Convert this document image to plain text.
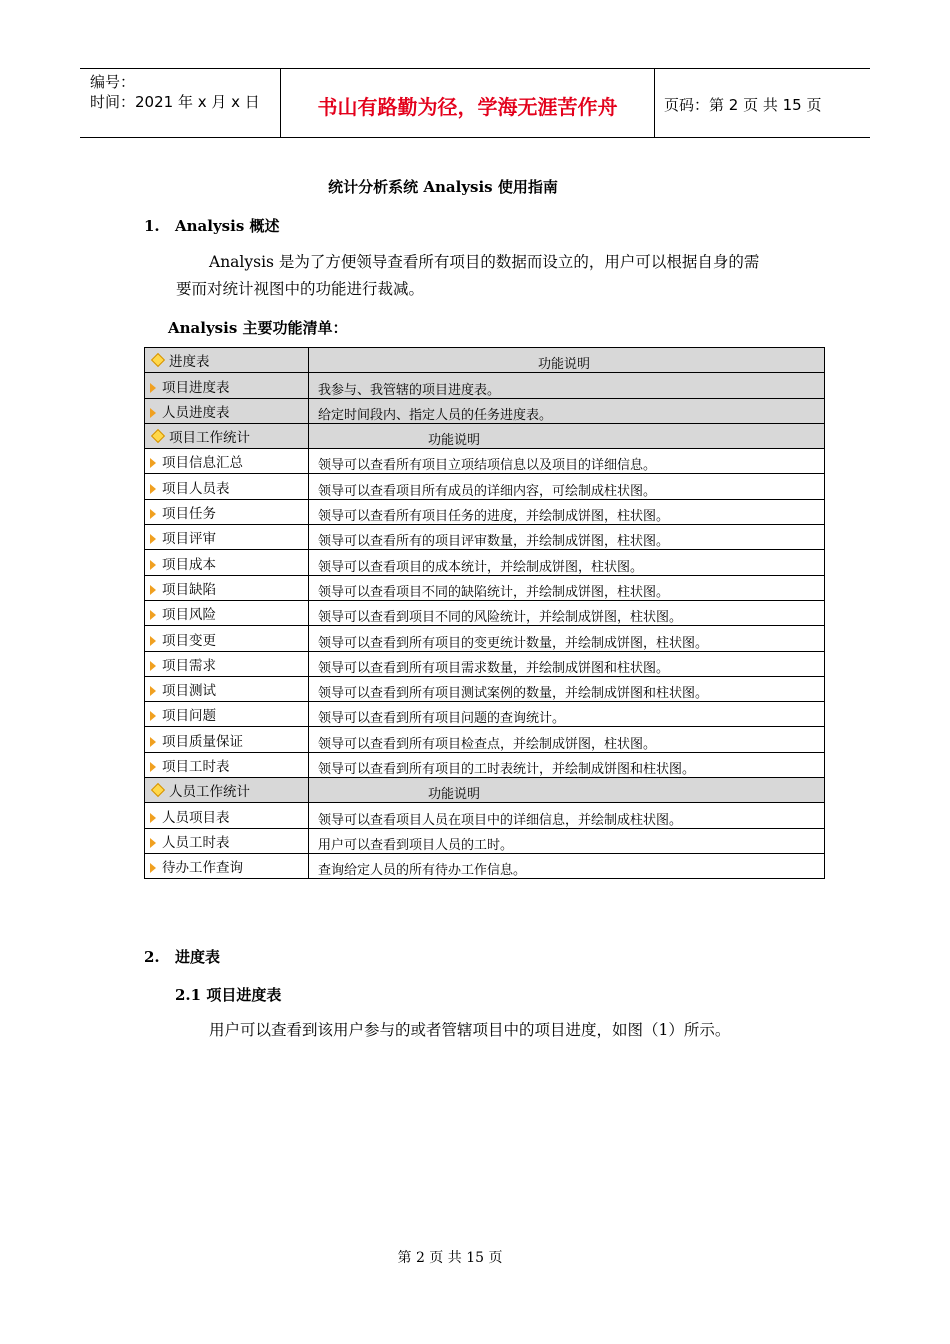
编号：
时间：2021 年 x 月 x 日	书山有路勤为径，学海无涯苦作舟	页码：第 2 页 共 15 页
统计分析系统 Analysis 使用指南
1. Analysis 概述
Analysis 是为了方便领导查看所有项目的数据而设立的，用户可以根据自身的需
要而对统计视图中的功能进行裁减。
Analysis 主要功能清单：
进度表	功能说明
项目进度表	我参与、我管辖的项目进度表。
人员进度表	给定时间段内、指定人员的任务进度表。
项目工作统计	功能说明
项目信息汇总	领导可以查看所有项目立项结项信息以及项目的详细信息。
项目人员表	领导可以查看项目所有成员的详细内容，可绘制成柱状图。
项目任务	领导可以查看所有项目任务的进度，并绘制成饼图，柱状图。
项目评审	领导可以查看所有的项目评审数量，并绘制成饼图，柱状图。
项目成本	领导可以查看项目的成本统计，并绘制成饼图，柱状图。
项目缺陷	领导可以查看项目不同的缺陷统计，并绘制成饼图，柱状图。
项目风险	领导可以查看到项目不同的风险统计，并绘制成饼图，柱状图。
项目变更	领导可以查看到所有项目的变更统计数量，并绘制成饼图，柱状图。
项目需求	领导可以查看到所有项目需求数量，并绘制成饼图和柱状图。
项目测试	领导可以查看到所有项目测试案例的数量，并绘制成饼图和柱状图。
项目问题	领导可以查看到所有项目问题的查询统计。
项目质量保证	领导可以查看到所有项目检查点，并绘制成饼图，柱状图。
项目工时表	领导可以查看到所有项目的工时表统计，并绘制成饼图和柱状图。
人员工作统计	功能说明
人员项目表	领导可以查看项目人员在项目中的详细信息，并绘制成柱状图。
人员工时表	用户可以查看到项目人员的工时。
待办工作查询	查询给定人员的所有待办工作信息。
2. 进度表
2.1 项目进度表
用户可以查看到该用户参与的或者管辖项目中的项目进度，如图（1）所示。
第 2 页 共 15 页
